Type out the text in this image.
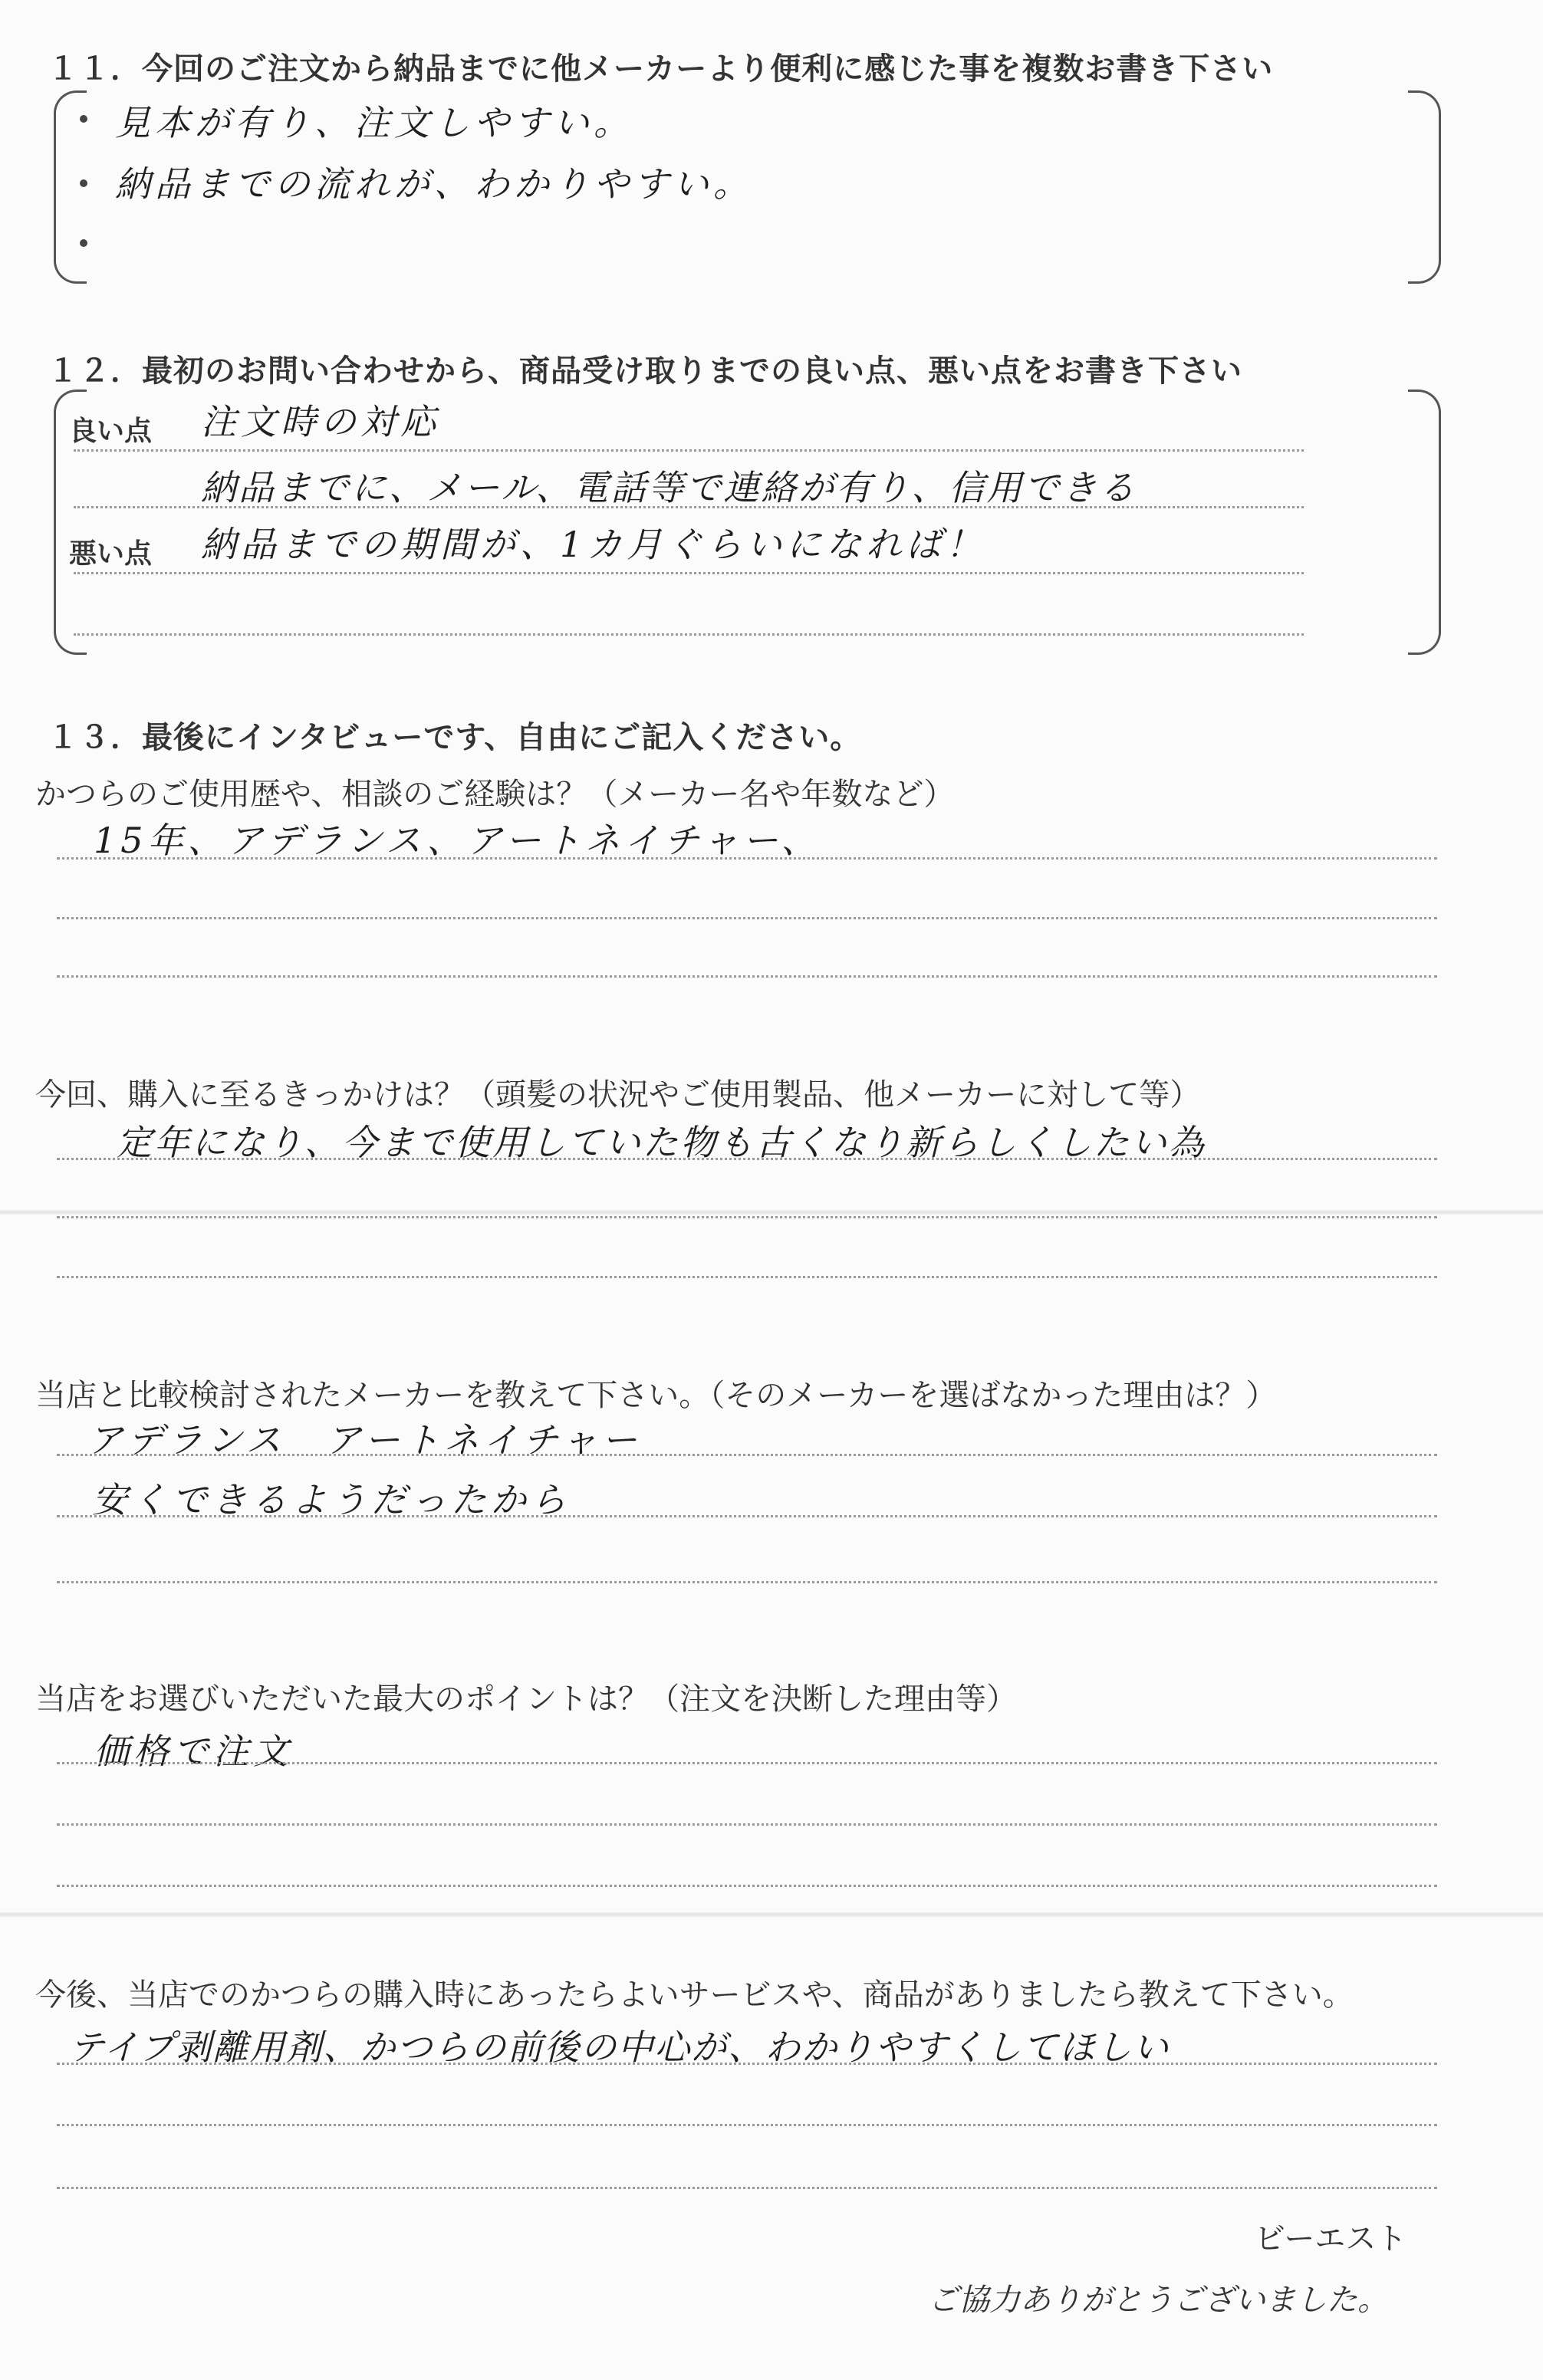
１１．今回のご注文から納品までに他メーカーより便利に感じた事を複数お書き下さい
見本が有り、注文しやすい。
納品までの流れが、わかりやすい。
１２．最初のお問い合わせから、商品受け取りまでの良い点、悪い点をお書き下さい
良い点 注文時の対応
納品までに、メール、電話等で連絡が有り、信用できる
悪い点 納品までの期間が、1カ月ぐらいになれば！
１３．最後にインタビューです、自由にご記入ください。
かつらのご使用歴や、相談のご経験は？（メーカー名や年数など）
15年、アデランス、アートネイチャー、
今回、購入に至るきっかけは？（頭髪の状況やご使用製品、他メーカーに対して等）
定年になり、今まで使用していた物も古くなり新らしくしたい為
当店と比較検討されたメーカーを教えて下さい。（そのメーカーを選ばなかった理由は？）
アデランス　アートネイチャー
安くできるようだったから
当店をお選びいただいた最大のポイントは？（注文を決断した理由等）
価格で注文
今後、当店でのかつらの購入時にあったらよいサービスや、商品がありましたら教えて下さい。
テイプ剥離用剤、かつらの前後の中心が、わかりやすくしてほしい
ビーエスト
ご協力ありがとうございました。
